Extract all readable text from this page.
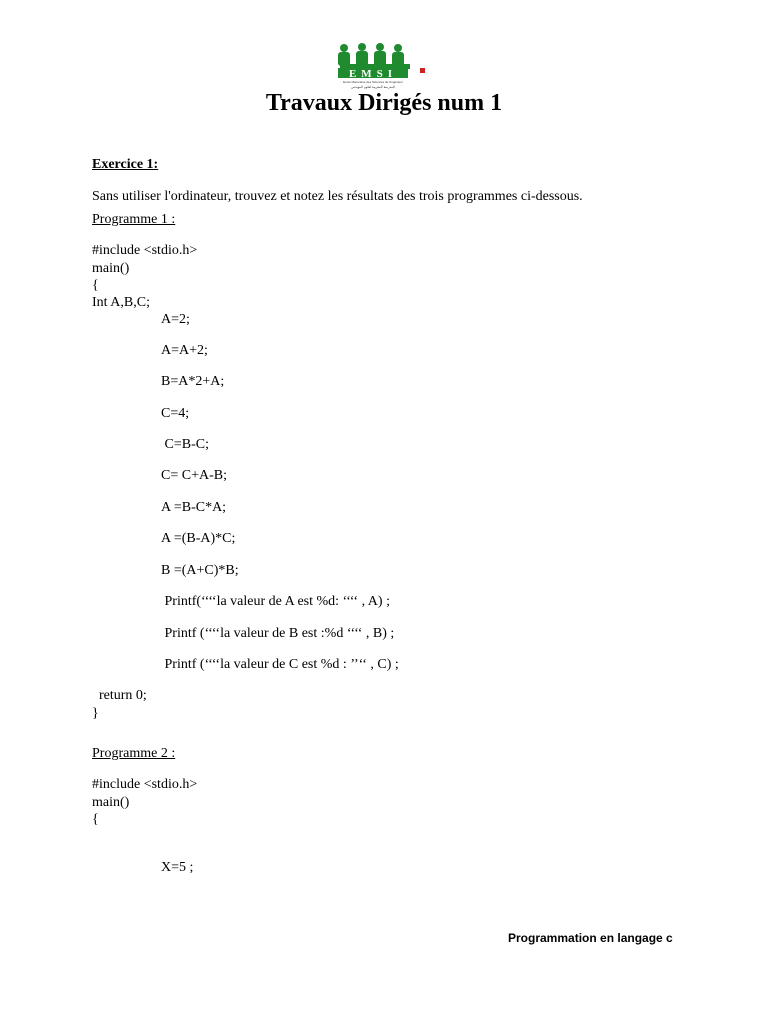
EMSI
Ecole Marocaine des Sciences de l'Ingénieur
المدرسة المغربية لعلوم المهندس
Travaux Dirigés num 1
Exercice 1:
Sans utiliser l'ordinateur, trouvez et notez les résultats des trois programmes ci-dessous.
Programme 1 :
#include <stdio.h>
main()
{
Int A,B,C;
A=2;
A=A+2;
B=A*2+A;
C=4;
C=B-C;
C= C+A-B;
A =B-C*A;
A =(B-A)*C;
B =(A+C)*B;
Printf(‘‘‘‘la valeur de A est %d: ‘‘‘‘ , A) ;
Printf (‘‘‘‘la valeur de B est :%d ‘‘‘‘ , B) ;
Printf (‘‘‘‘la valeur de C est %d : ’’‘‘ , C) ;
return 0;
}
Programme 2 :
#include <stdio.h>
main()
{
X=5 ;
Programmation en langage c
